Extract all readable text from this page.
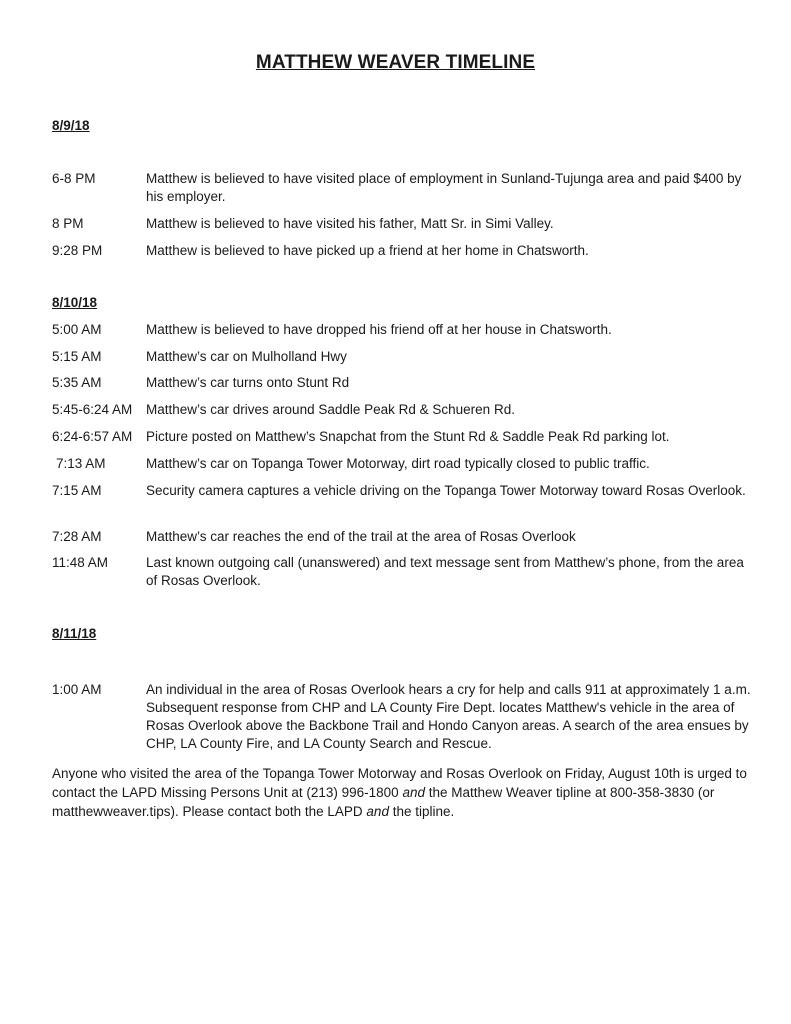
MATTHEW WEAVER TIMELINE
8/9/18
6-8 PM	Matthew is believed to have visited place of employment in Sunland-Tujunga area and paid $400 by his employer.
8 PM	Matthew is believed to have visited his father, Matt Sr. in Simi Valley.
9:28 PM	Matthew is believed to have picked up a friend at her home in Chatsworth.
8/10/18
5:00 AM	Matthew is believed to have dropped his friend off at her house in Chatsworth.
5:15 AM	Matthew’s car on Mulholland Hwy
5:35 AM	Matthew’s car turns onto Stunt Rd
5:45-6:24 AM Matthew’s car drives around Saddle Peak Rd & Schueren Rd.
6:24-6:57 AM Picture posted on Matthew’s Snapchat from the Stunt Rd & Saddle Peak Rd parking lot.
7:13 AM	Matthew’s car on Topanga Tower Motorway, dirt road typically closed to public traffic.
7:15 AM	Security camera captures a vehicle driving on the Topanga Tower Motorway toward Rosas Overlook.
7:28 AM	Matthew’s car reaches the end of the trail at the area of Rosas Overlook
11:48 AM	Last known outgoing call (unanswered) and text message sent from Matthew’s phone, from the area of Rosas Overlook.
8/11/18
1:00 AM	An individual in the area of Rosas Overlook hears a cry for help and calls 911 at approximately 1 a.m. Subsequent response from CHP and LA County Fire Dept. locates Matthew's vehicle in the area of Rosas Overlook above the Backbone Trail and Hondo Canyon areas. A search of the area ensues by CHP, LA County Fire, and LA County Search and Rescue.
Anyone who visited the area of the Topanga Tower Motorway and Rosas Overlook on Friday, August 10th is urged to contact the LAPD Missing Persons Unit at (213) 996-1800 and the Matthew Weaver tipline at 800-358-3830 (or matthewweaver.tips). Please contact both the LAPD and the tipline.
